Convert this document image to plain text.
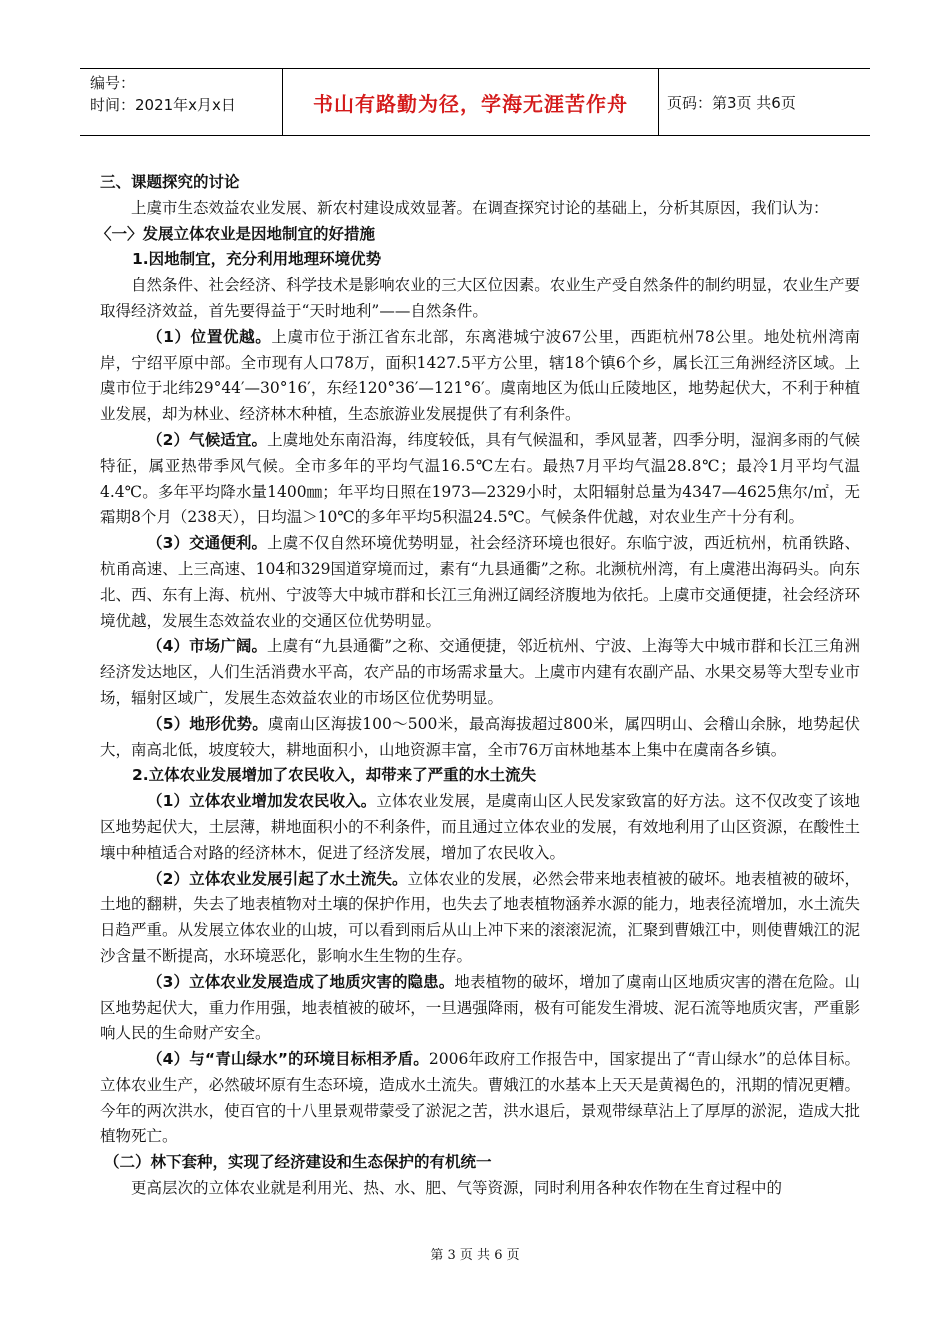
编号：
时间：2021年x月x日	书山有路勤为径，学海无涯苦作舟	页码：第3页 共6页

三、课题探究的讨论

上虞市生态效益农业发展、新农村建设成效显著。在调查探究讨论的基础上，分析其原因，我们认为：

〈一〉发展立体农业是因地制宜的好措施

1.因地制宜，充分利用地理环境优势

自然条件、社会经济、科学技术是影响农业的三大区位因素。农业生产受自然条件的制约明显，农业生产要取得经济效益，首先要得益于“天时地利”——自然条件。

（1）位置优越。上虞市位于浙江省东北部，东离港城宁波67公里，西距杭州78公里。地处杭州湾南岸，宁绍平原中部。全市现有人口78万，面积1427.5平方公里，辖18个镇6个乡，属长江三角洲经济区域。上虞市位于北纬29°44′—30°16′，东经120°36′—121°6′。虞南地区为低山丘陵地区，地势起伏大，不利于种植业发展，却为林业、经济林木种植，生态旅游业发展提供了有利条件。

（2）气候适宜。上虞地处东南沿海，纬度较低，具有气候温和，季风显著，四季分明，湿润多雨的气候特征，属亚热带季风气候。全市多年的平均气温16.5℃左右。最热7月平均气温28.8℃；最冷1月平均气温4.4℃。多年平均降水量1400㎜；年平均日照在1973—2329小时，太阳辐射总量为4347—4625焦尔/㎡，无霜期8个月（238天），日均温＞10℃的多年平均5积温24.5℃。气候条件优越，对农业生产十分有利。

（3）交通便利。上虞不仅自然环境优势明显，社会经济环境也很好。东临宁波，西近杭州，杭甬铁路、杭甬高速、上三高速、104和329国道穿境而过，素有“九县通衢”之称。北濒杭州湾，有上虞港出海码头。向东北、西、东有上海、杭州、宁波等大中城市群和长江三角洲辽阔经济腹地为依托。上虞市交通便捷，社会经济环境优越，发展生态效益农业的交通区位优势明显。

（4）市场广阔。上虞有“九县通衢”之称、交通便捷，邻近杭州、宁波、上海等大中城市群和长江三角洲经济发达地区，人们生活消费水平高，农产品的市场需求量大。上虞市内建有农副产品、水果交易等大型专业市场，辐射区域广，发展生态效益农业的市场区位优势明显。

（5）地形优势。虞南山区海拔100～500米，最高海拔超过800米，属四明山、会稽山余脉，地势起伏大，南高北低，坡度较大，耕地面积小，山地资源丰富，全市76万亩林地基本上集中在虞南各乡镇。

2.立体农业发展增加了农民收入，却带来了严重的水土流失

（1）立体农业增加发农民收入。立体农业发展，是虞南山区人民发家致富的好方法。这不仅改变了该地区地势起伏大，土层薄，耕地面积小的不利条件，而且通过立体农业的发展，有效地利用了山区资源，在酸性土壤中种植适合对路的经济林木，促进了经济发展，增加了农民收入。

（2）立体农业发展引起了水土流失。立体农业的发展，必然会带来地表植被的破坏。地表植被的破坏，土地的翻耕，失去了地表植物对土壤的保护作用，也失去了地表植物涵养水源的能力，地表径流增加，水土流失日趋严重。从发展立体农业的山坡，可以看到雨后从山上冲下来的滚滚泥流，汇聚到曹娥江中，则使曹娥江的泥沙含量不断提高，水环境恶化，影响水生生物的生存。

（3）立体农业发展造成了地质灾害的隐患。地表植物的破坏，增加了虞南山区地质灾害的潜在危险。山区地势起伏大，重力作用强，地表植被的破坏，一旦遇强降雨，极有可能发生滑坡、泥石流等地质灾害，严重影响人民的生命财产安全。

（4）与“青山绿水”的环境目标相矛盾。2006年政府工作报告中，国家提出了“青山绿水”的总体目标。立体农业生产，必然破坏原有生态环境，造成水土流失。曹娥江的水基本上天天是黄褐色的，汛期的情况更糟。今年的两次洪水，使百官的十八里景观带蒙受了淤泥之苦，洪水退后，景观带绿草沾上了厚厚的淤泥，造成大批植物死亡。

（二）林下套种，实现了经济建设和生态保护的有机统一

更高层次的立体农业就是利用光、热、水、肥、气等资源，同时利用各种农作物在生育过程中的

第 3 页 共 6 页
